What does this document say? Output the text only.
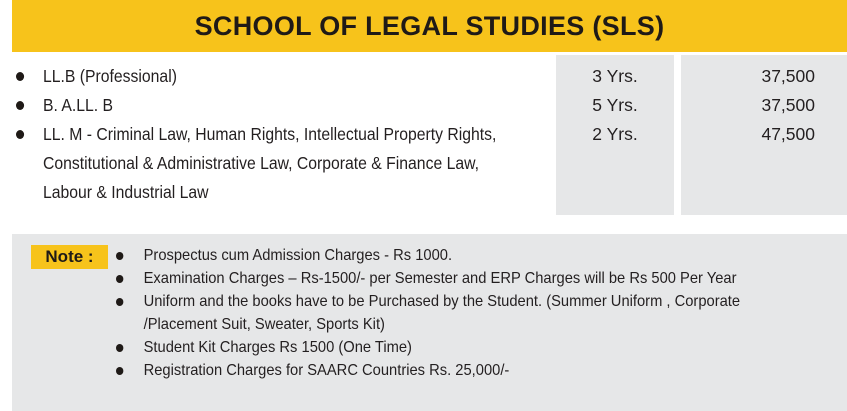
SCHOOL OF LEGAL STUDIES (SLS)
3 Yrs.
5 Yrs.
2 Yrs.
37,500
37,500
47,500
LL.B (Professional)
B. A.LL. B
LL. M - Criminal Law, Human Rights, Intellectual Property Rights,
Constitutional & Administrative Law, Corporate & Finance Law,
Labour & Industrial Law
Note :	Prospectus cum Admission Charges - Rs 1000.
Examination Charges – Rs-1500/- per Semester and ERP Charges will be Rs 500 Per Year
Uniform and the books have to be Purchased by the Student. (Summer Uniform , Corporate
/Placement Suit, Sweater, Sports Kit)
Student Kit Charges Rs 1500 (One Time)
Registration Charges for SAARC Countries Rs. 25,000/-
